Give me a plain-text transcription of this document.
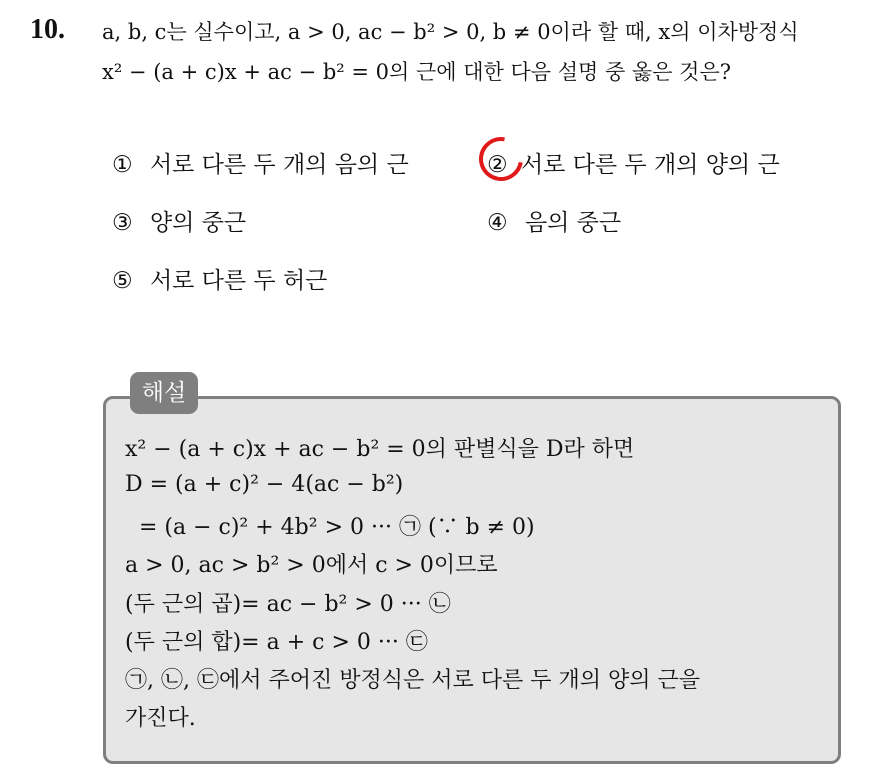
10. a, b, c는 실수이고, a > 0, ac − b² > 0, b ≠ 0이라 할 때, x의 이차방정식
x² − (a + c)x + ac − b² = 0의 근에 대한 다음 설명 중 옳은 것은?
① 서로 다른 두 개의 음의 근	② 서로 다른 두 개의 양의 근
③ 양의 중근	④ 음의 중근
⑤ 서로 다른 두 허근
해설
x² − (a + c)x + ac − b² = 0의 판별식을 D라 하면
D = (a + c)² − 4(ac − b²)
= (a − c)² + 4b² > 0 ··· ㉠ (∵ b ≠ 0)
a > 0, ac > b² > 0에서 c > 0이므로
(두 근의 곱)= ac − b² > 0 ··· ㉡
(두 근의 합)= a + c > 0 ··· ㉢
㉠, ㉡, ㉢에서 주어진 방정식은 서로 다른 두 개의 양의 근을
가진다.
